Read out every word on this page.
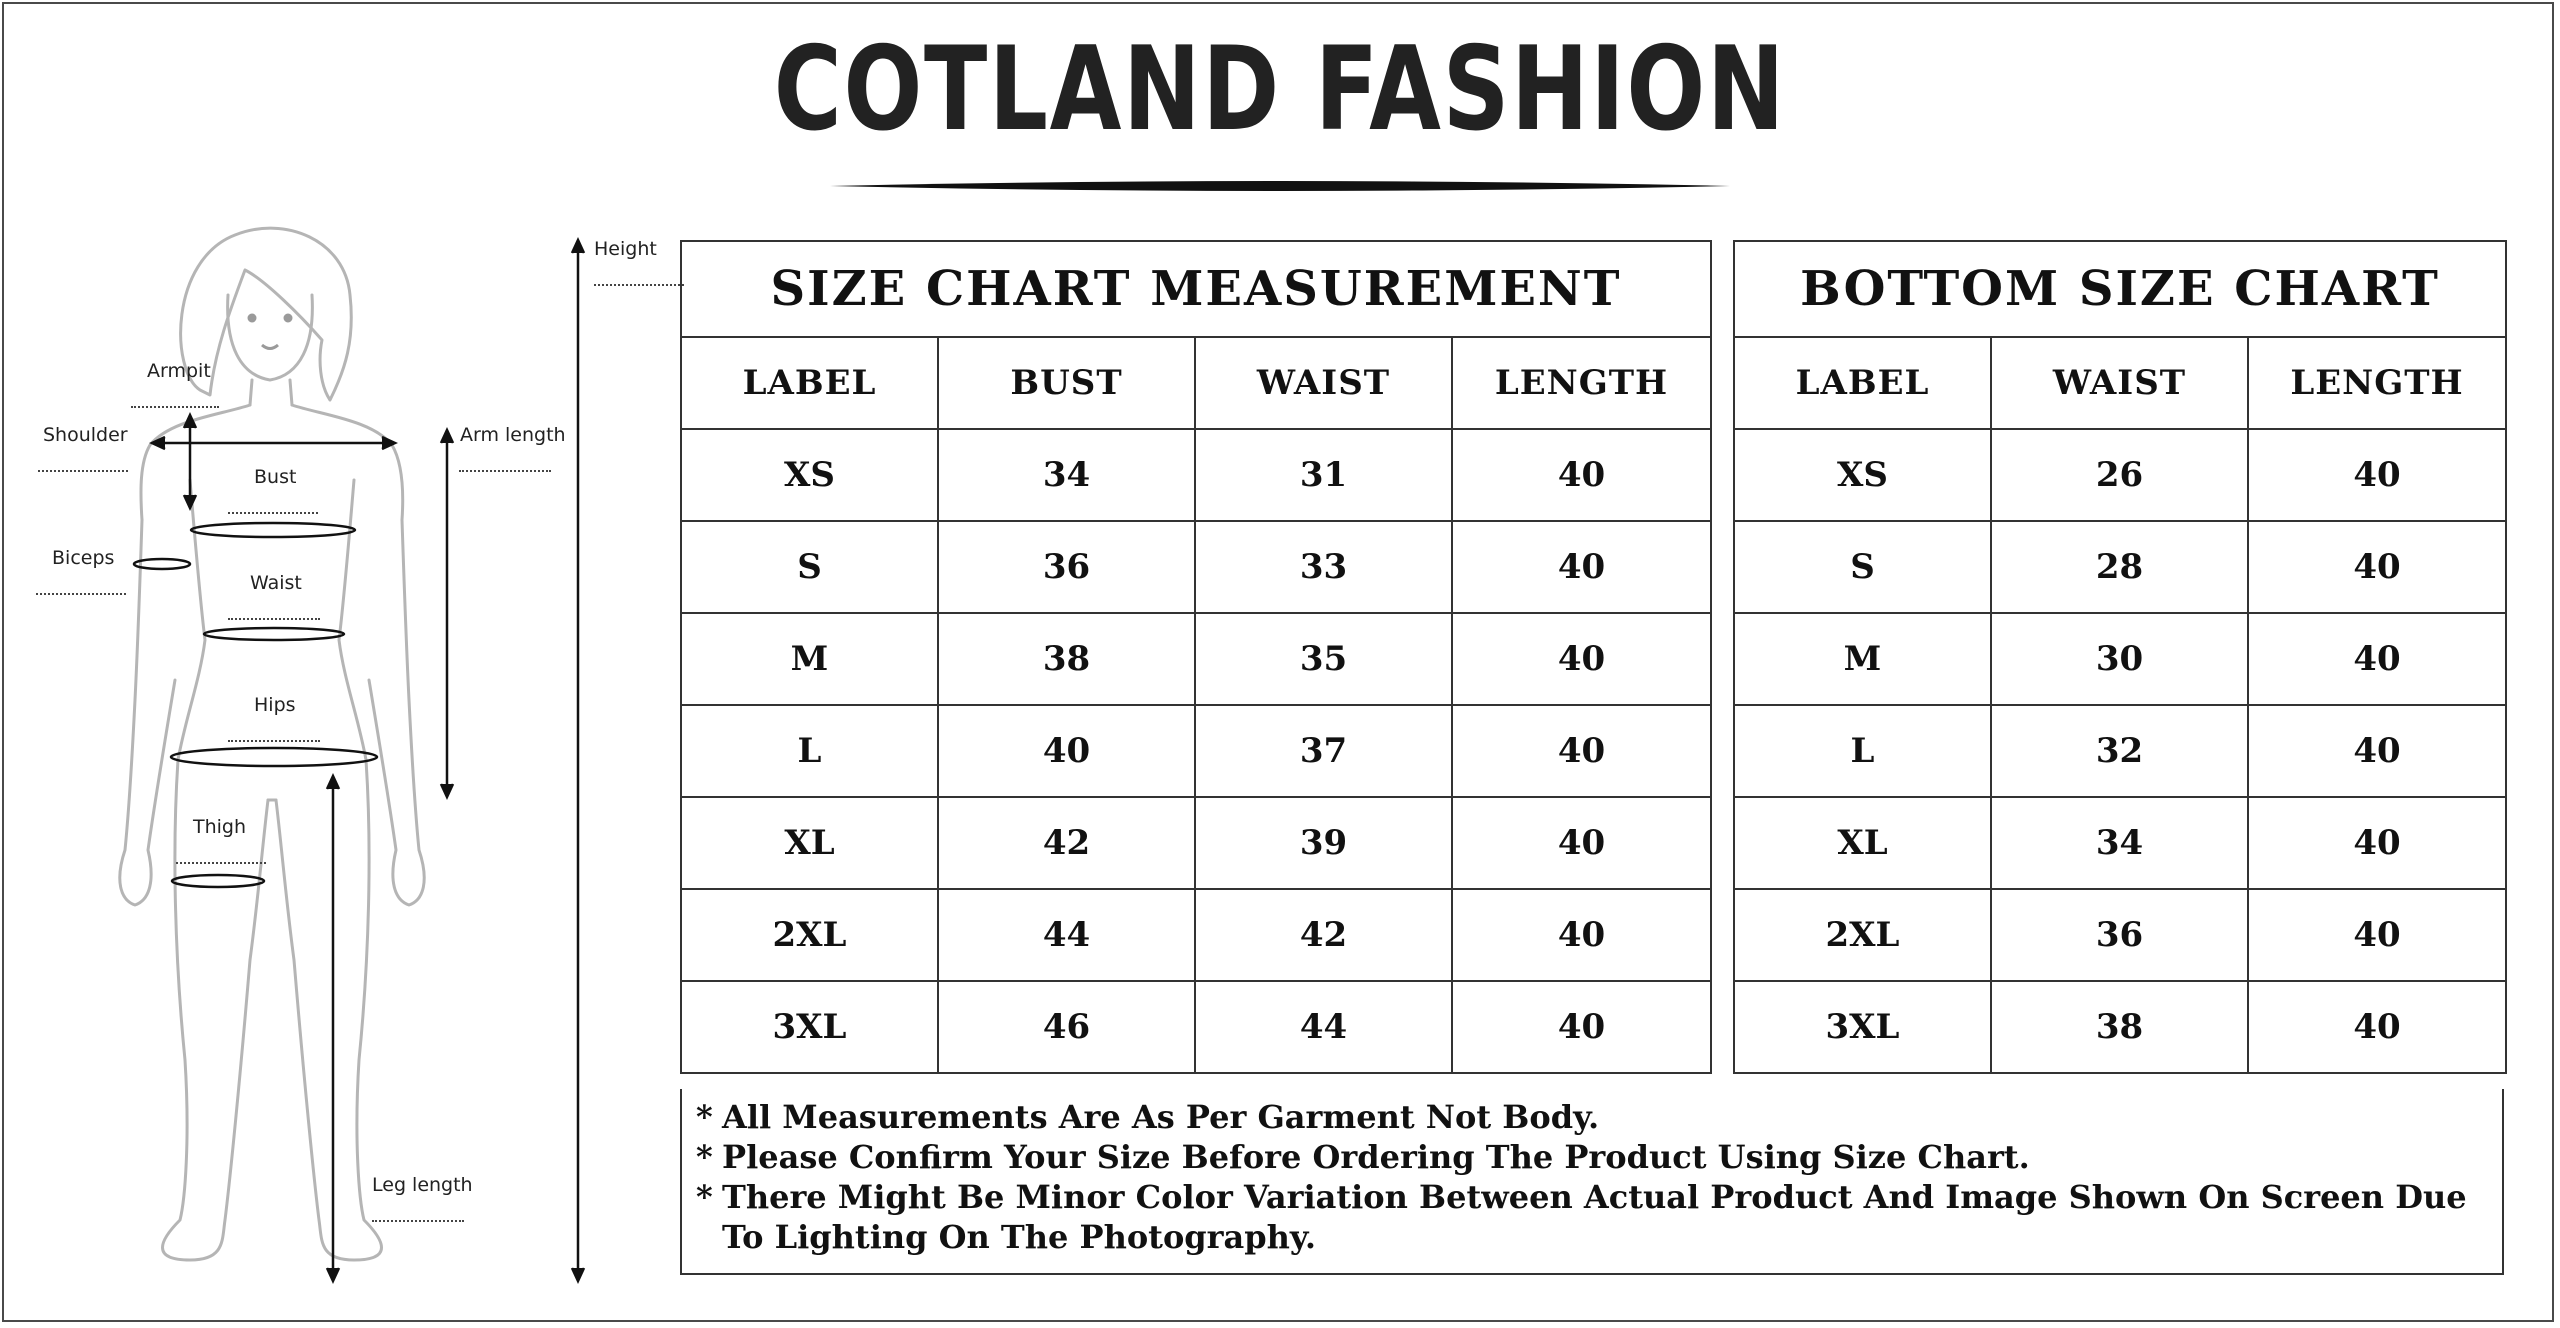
COTLAND FASHION
Height
Armpit
Shoulder
Bust
Arm length
Biceps
Waist
Hips
Thigh
Leg length
SIZE CHART MEASUREMENT			
LABEL	BUST	WAIST	LENGTH
XS	34	31	40
S	36	33	40
M	38	35	40
L	40	37	40
XL	42	39	40
2XL	44	42	40
3XL	46	44	40
BOTTOM SIZE CHART		
LABEL	WAIST	LENGTH
XS	26	40
S	28	40
M	30	40
L	32	40
XL	34	40
2XL	36	40
3XL	38	40
* All Measurements Are As Per Garment Not Body.
* Please Confirm Your Size Before Ordering The Product Using Size Chart.
* There Might Be Minor Color Variation Between Actual Product And Image Shown On Screen Due To Lighting On The Photography.
